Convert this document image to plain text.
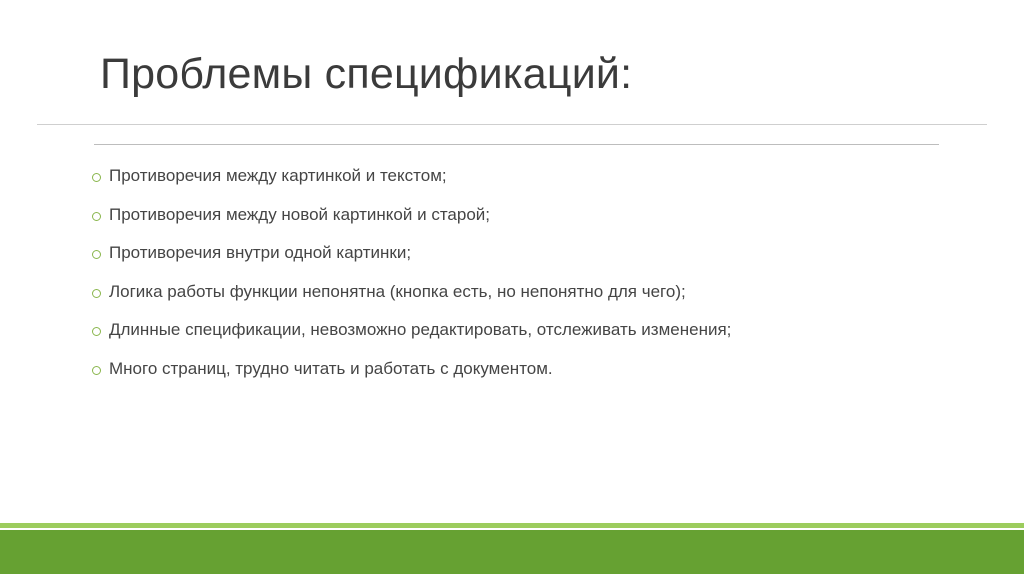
Проблемы спецификаций:
Противоречия между картинкой и текстом;
Противоречия между новой картинкой и старой;
Противоречия внутри одной картинки;
Логика работы функции непонятна (кнопка есть, но непонятно для чего);
Длинные спецификации, невозможно редактировать, отслеживать изменения;
Много страниц, трудно читать и работать с документом.
